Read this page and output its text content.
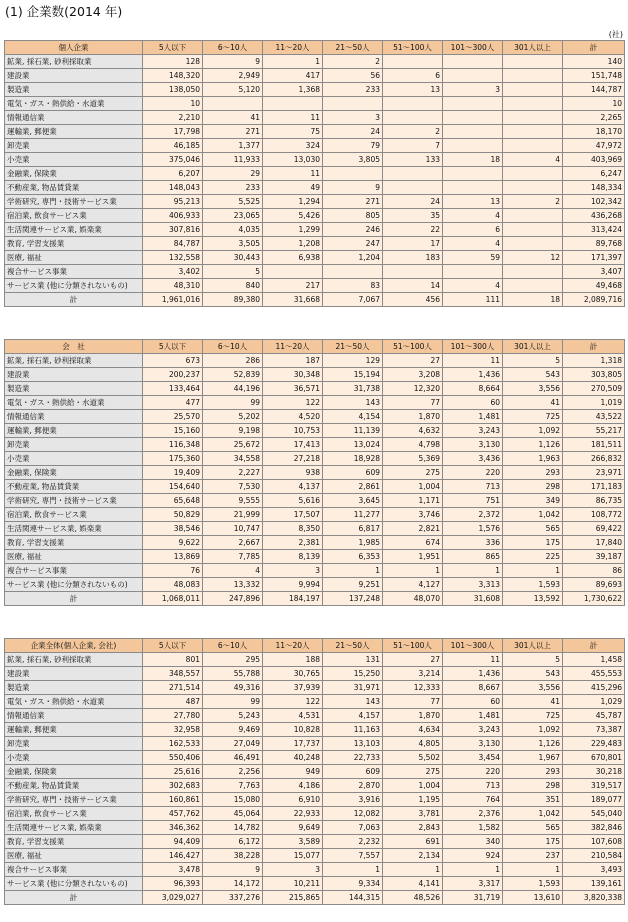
(1) 企業数(2014 年)
(社)
個人企業	5人以下	6～10人	11～20人	21～50人	51～100人	101～300人	301人以上	計
鉱業, 採石業, 砂利採取業	128	9	1	2				140
建設業	148,320	2,949	417	56	6			151,748
製造業	138,050	5,120	1,368	233	13	3		144,787
電気・ガス・熱供給・水道業	10							10
情報通信業	2,210	41	11	3				2,265
運輸業, 郵便業	17,798	271	75	24	2			18,170
卸売業	46,185	1,377	324	79	7			47,972
小売業	375,046	11,933	13,030	3,805	133	18	4	403,969
金融業, 保険業	6,207	29	11					6,247
不動産業, 物品賃貸業	148,043	233	49	9				148,334
学術研究, 専門・技術サービス業	95,213	5,525	1,294	271	24	13	2	102,342
宿泊業, 飲食サービス業	406,933	23,065	5,426	805	35	4		436,268
生活関連サービス業, 娯楽業	307,816	4,035	1,299	246	22	6		313,424
教育, 学習支援業	84,787	3,505	1,208	247	17	4		89,768
医療, 福祉	132,558	30,443	6,938	1,204	183	59	12	171,397
複合サービス事業	3,402	5						3,407
サービス業 (他に分類されないもの)	48,310	840	217	83	14	4		49,468
計	1,961,016	89,380	31,668	7,067	456	111	18	2,089,716
会　社	5人以下	6～10人	11～20人	21～50人	51～100人	101～300人	301人以上	計
鉱業, 採石業, 砂利採取業	673	286	187	129	27	11	5	1,318
建設業	200,237	52,839	30,348	15,194	3,208	1,436	543	303,805
製造業	133,464	44,196	36,571	31,738	12,320	8,664	3,556	270,509
電気・ガス・熱供給・水道業	477	99	122	143	77	60	41	1,019
情報通信業	25,570	5,202	4,520	4,154	1,870	1,481	725	43,522
運輸業, 郵便業	15,160	9,198	10,753	11,139	4,632	3,243	1,092	55,217
卸売業	116,348	25,672	17,413	13,024	4,798	3,130	1,126	181,511
小売業	175,360	34,558	27,218	18,928	5,369	3,436	1,963	266,832
金融業, 保険業	19,409	2,227	938	609	275	220	293	23,971
不動産業, 物品賃貸業	154,640	7,530	4,137	2,861	1,004	713	298	171,183
学術研究, 専門・技術サービス業	65,648	9,555	5,616	3,645	1,171	751	349	86,735
宿泊業, 飲食サービス業	50,829	21,999	17,507	11,277	3,746	2,372	1,042	108,772
生活関連サービス業, 娯楽業	38,546	10,747	8,350	6,817	2,821	1,576	565	69,422
教育, 学習支援業	9,622	2,667	2,381	1,985	674	336	175	17,840
医療, 福祉	13,869	7,785	8,139	6,353	1,951	865	225	39,187
複合サービス事業	76	4	3	1	1	1	1	86
サービス業 (他に分類されないもの)	48,083	13,332	9,994	9,251	4,127	3,313	1,593	89,693
計	1,068,011	247,896	184,197	137,248	48,070	31,608	13,592	1,730,622
企業全体(個人企業, 会社)	5人以下	6～10人	11～20人	21～50人	51～100人	101～300人	301人以上	計
鉱業, 採石業, 砂利採取業	801	295	188	131	27	11	5	1,458
建設業	348,557	55,788	30,765	15,250	3,214	1,436	543	455,553
製造業	271,514	49,316	37,939	31,971	12,333	8,667	3,556	415,296
電気・ガス・熱供給・水道業	487	99	122	143	77	60	41	1,029
情報通信業	27,780	5,243	4,531	4,157	1,870	1,481	725	45,787
運輸業, 郵便業	32,958	9,469	10,828	11,163	4,634	3,243	1,092	73,387
卸売業	162,533	27,049	17,737	13,103	4,805	3,130	1,126	229,483
小売業	550,406	46,491	40,248	22,733	5,502	3,454	1,967	670,801
金融業, 保険業	25,616	2,256	949	609	275	220	293	30,218
不動産業, 物品賃貸業	302,683	7,763	4,186	2,870	1,004	713	298	319,517
学術研究, 専門・技術サービス業	160,861	15,080	6,910	3,916	1,195	764	351	189,077
宿泊業, 飲食サービス業	457,762	45,064	22,933	12,082	3,781	2,376	1,042	545,040
生活関連サービス業, 娯楽業	346,362	14,782	9,649	7,063	2,843	1,582	565	382,846
教育, 学習支援業	94,409	6,172	3,589	2,232	691	340	175	107,608
医療, 福祉	146,427	38,228	15,077	7,557	2,134	924	237	210,584
複合サービス事業	3,478	9	3	1	1	1	1	3,493
サービス業 (他に分類されないもの)	96,393	14,172	10,211	9,334	4,141	3,317	1,593	139,161
計	3,029,027	337,276	215,865	144,315	48,526	31,719	13,610	3,820,338
